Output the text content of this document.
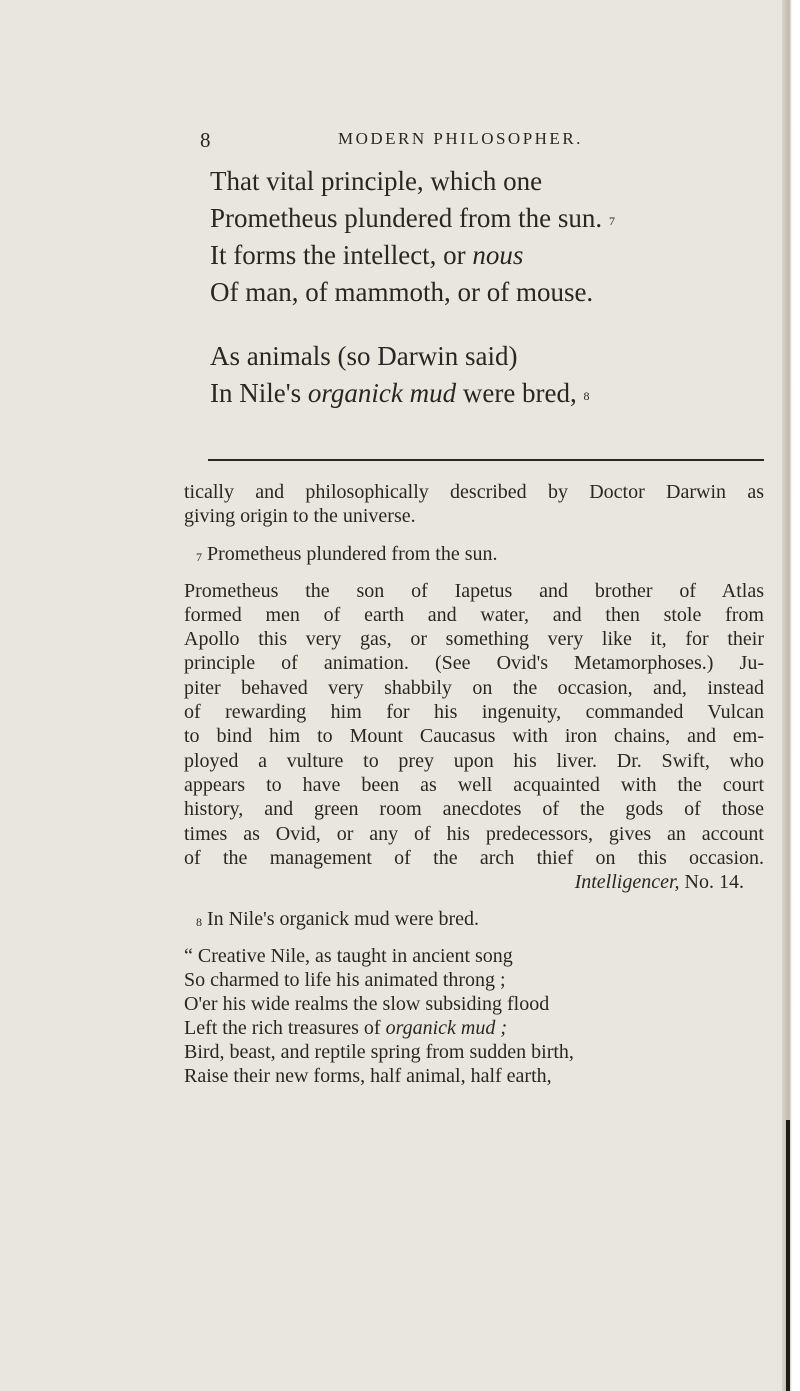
8	MODERN PHILOSOPHER.
That vital principle, which one
Prometheus plundered from the sun. $^7$
It forms the intellect, or nous
Of man, of mammoth, or of mouse.
As animals (so Darwin said)
In Nile's organick mud were bred, $^8$
tically and philosophically described by Doctor Darwin as
giving origin to the universe.
$^7$ Prometheus plundered from the sun.
Prometheus the son of Iapetus and brother of Atlas
formed men of earth and water, and then stole from
Apollo this very gas, or something very like it, for their
principle of animation. (See Ovid's Metamorphoses.) Ju-
piter behaved very shabbily on the occasion, and, instead
of rewarding him for his ingenuity, commanded Vulcan
to bind him to Mount Caucasus with iron chains, and em-
ployed a vulture to prey upon his liver. Dr. Swift, who
appears to have been as well acquainted with the court
history, and green room anecdotes of the gods of those
times as Ovid, or any of his predecessors, gives an account
of the management of the arch thief on this occasion.
Intelligencer, No. 14.
$^8$ In Nile's organick mud were bred.
“ Creative Nile, as taught in ancient song
So charmed to life his animated throng ;
O'er his wide realms the slow subsiding flood
Left the rich treasures of organick mud ;
Bird, beast, and reptile spring from sudden birth,
Raise their new forms, half animal, half earth,
